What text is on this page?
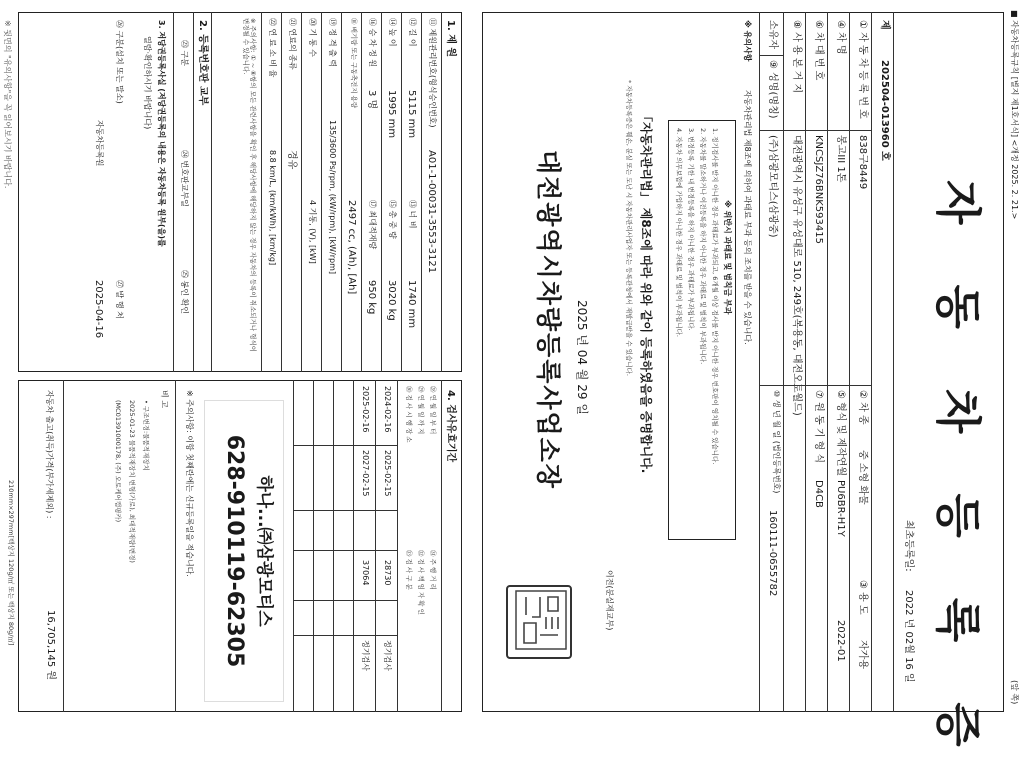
■ 자동차등록규칙 [별지 제1호서식] <개정 2025. 2. 21.>
(앞 쪽)
자 동 차 등 록 증
최초등록일:
2022 년 02월 16 일
제
202504-013960 호
① 자 동 차 등 록 번 호
838구8449
② 차 종
중 소형 화물
③ 용 도
자가용
④ 차 명
봉고III 1톤
⑤ 형식 및 제작연월
PU6BR-H1Y
2022-01
⑥ 차 대 번 호
KNCSJZ76BNK593415
⑦ 원 동 기 형 식
D4CB
⑧ 사 용 본 거 지
대전광역시 유성구 유성대로 510, 249호(복용동, 대전오토월드)
소유자
⑨ 성명(명칭)
(주)삼광모티스(삼광중)
⑩ 생 년 월 일 (법인등록번호)
160111-0655782
※ 유의사항
자동차관리법 제8조에 의하여 과태료 부과 등의 조치를 받을 수 있습니다.
※ 위반시 과태료 및 범칙금 부과
1. 정기검사를 받지 아니한 경우 과태료가 부과되고, 6개월 이상 검사를 받지 아니한 경우 번호판이 영치될 수 있습니다.
2. 자동차를 말소하거나 이전등록을 하지 아니한 경우 과태료 및 벌칙이 부과됩니다.
3. 변경등록 기한 내 변경등록을 하지 아니한 경우 과태료가 부과됩니다.
4. 자동차 의무보험에 가입하지 아니한 경우 과태료 및 벌칙이 부과됩니다.
「자동차관리법」 제8조에 따라 위와 같이 등록하였음을 증명합니다.
* 자동차등록증은 훼손, 분실 또는 도난 시 자동차관리사업자 또는 등록관청에서 재발급받을 수 있습니다.
이전(분실재교부)
2025 년 04 월 29 일
대전광역시차량등록사업소장
1. 제 원
⑪ 제원관리번호(형식승인번호)
A01-1-00031-3553-3121
⑫ 길 이
5115 mm
⑬ 너 비
1740 mm
⑭ 높 이
1995 mm
⑮ 총 중 량
3020 kg
⑯ 승 차 정 원
3 명
⑰ 최대적재량
950 kg
⑱ 배기량 또는 구동축전지 용량
2497 cc, (Ah), [Ah]
⑲ 정 격 출 력
135/3600 Ps/rpm, (kW/rpm), [kW/rpm]
⑳ 기 통 수
4 기통, (V), [kW]
㉑ 연료의 종류
경유
㉒ 연 료 소 비 율
8.8 km/L, (km/kWh), [km/kg]
※ 주의사항: ① ~ ⑥항의 모든 관련사항을 확인 후 해당사항에 해당하지 않는 경우 자동차의 등록이 취소되거나 형식이 변경될 수 있습니다.
2. 등록번호판 교부
㉓ 구분
㉔ 번호판교부일
㉕ 봉인 확인
3. 저당권등록사실 (저당권등록의 내용은 자동차등록 원부(을)를
열람·확인하시기 바랍니다)
㉖ 구분(설치 또는 말소)
자동차등록원
㉗ 발 행 처
2025-04-16
※ 뒷면의 "유의사항"을 꼭 읽어보시기 바랍니다.
4. 검사유효기간
㉘ 연 월 일 부 터
㉙ 연 월 일 까 지
㉚ 검 사 시 행 장 소
㉛ 주 행 거 리
㉜ 검 사 책 임 자 확 인
㉝ 검 사 구 분
2024-02-16
2025-02-15
28730
정기검사
2025-02-16
2027-02-15
37064
정기검사
하나...㈜삼광모티스
628-910119-62305
※ 주의사항: 이항 첫째란에는 신규등록일을 적습니다.
비 고
• 구조변경:물품적재장치
2025-01-23 물품적재장치 변형(가로), 최대적재량(변경)
(MC01391000178, (주) 오토케어캠핑카)
자동차 출고(취득)가격(부가세제외) :
16,705,145 원
210mm×297mm[백상지 120g/㎡ 또는 백상지 80g/㎡]
